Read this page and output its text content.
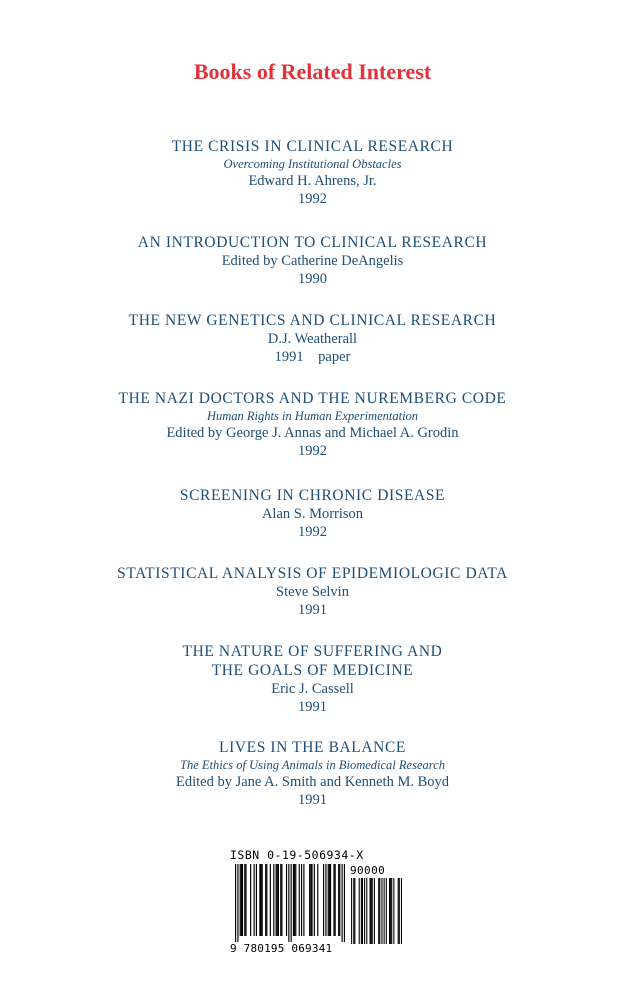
Books of Related Interest
THE CRISIS IN CLINICAL RESEARCH
Overcoming Institutional Obstacles
Edward H. Ahrens, Jr.
1992
AN INTRODUCTION TO CLINICAL RESEARCH
Edited by Catherine DeAngelis
1990
THE NEW GENETICS AND CLINICAL RESEARCH
D.J. Weatherall
1991    paper
THE NAZI DOCTORS AND THE NUREMBERG CODE
Human Rights in Human Experimentation
Edited by George J. Annas and Michael A. Grodin
1992
SCREENING IN CHRONIC DISEASE
Alan S. Morrison
1992
STATISTICAL ANALYSIS OF EPIDEMIOLOGIC DATA
Steve Selvin
1991
THE NATURE OF SUFFERING AND
THE GOALS OF MEDICINE
Eric J. Cassell
1991
LIVES IN THE BALANCE
The Ethics of Using Animals in Biomedical Research
Edited by Jane A. Smith and Kenneth M. Boyd
1991
ISBN 0-19-506934-X
9 780195 069341
90000
